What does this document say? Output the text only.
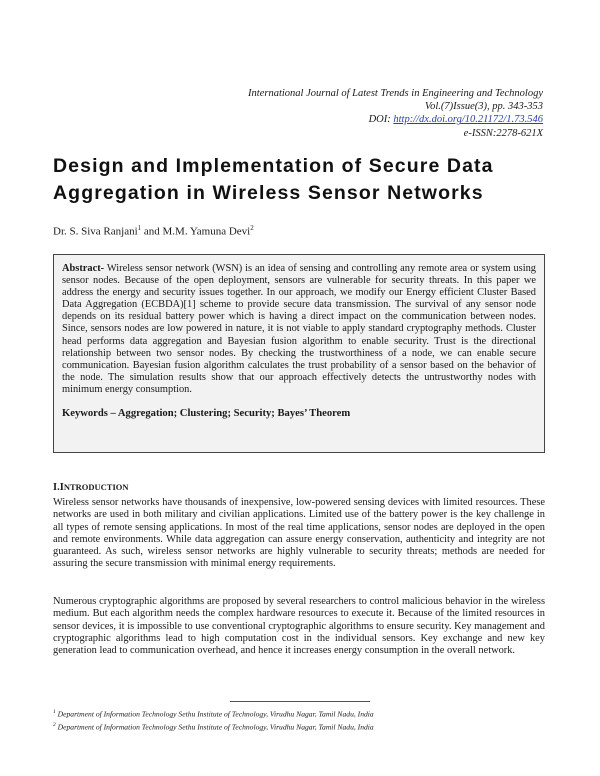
International Journal of Latest Trends in Engineering and Technology
Vol.(7)Issue(3), pp. 343-353
DOI: http://dx.doi.org/10.21172/1.73.546
e-ISSN:2278-621X
Design and Implementation of Secure Data
Aggregation in Wireless Sensor Networks
Dr. S. Siva Ranjani$^1$ and M.M. Yamuna Devi$^2$
Abstract- Wireless sensor network (WSN) is an idea of sensing and controlling any remote area or system using sensor nodes. Because of the open deployment, sensors are vulnerable for security threats. In this paper we address the energy and security issues together. In our approach, we modify our Energy efficient Cluster Based Data Aggregation (ECBDA)[1] scheme to provide secure data transmission. The survival of any sensor node depends on its residual battery power which is having a direct impact on the communication between nodes. Since, sensors nodes are low powered in nature, it is not viable to apply standard cryptography methods. Cluster head performs data aggregation and Bayesian fusion algorithm to enable security. Trust is the directional relationship between two sensor nodes. By checking the trustworthiness of a node, we can enable secure communication. Bayesian fusion algorithm calculates the trust probability of a sensor based on the behavior of the node. The simulation results show that our approach effectively detects the untrustworthy nodes with minimum energy consumption.
Keywords – Aggregation; Clustering; Security; Bayes’ Theorem
I.INTRODUCTION
Wireless sensor networks have thousands of inexpensive, low-powered sensing devices with limited resources. These networks are used in both military and civilian applications. Limited use of the battery power is the key challenge in all types of remote sensing applications. In most of the real time applications, sensor nodes are deployed in the open and remote environments. While data aggregation can assure energy conservation, authenticity and integrity are not guaranteed. As such, wireless sensor networks are highly vulnerable to security threats; methods are needed for assuring the secure transmission with minimal energy requirements.
Numerous cryptographic algorithms are proposed by several researchers to control malicious behavior in the wireless medium. But each algorithm needs the complex hardware resources to execute it. Because of the limited resources in sensor devices, it is impossible to use conventional cryptographic algorithms to ensure security. Key management and cryptographic algorithms lead to high computation cost in the individual sensors. Key exchange and new key generation lead to communication overhead, and hence it increases energy consumption in the overall network.
$^1$ Department of Information Technology Sethu Institute of Technology, Virudhu Nagar, Tamil Nadu, India
$^2$ Department of Information Technology Sethu Institute of Technology, Virudhu Nagar, Tamil Nadu, India
